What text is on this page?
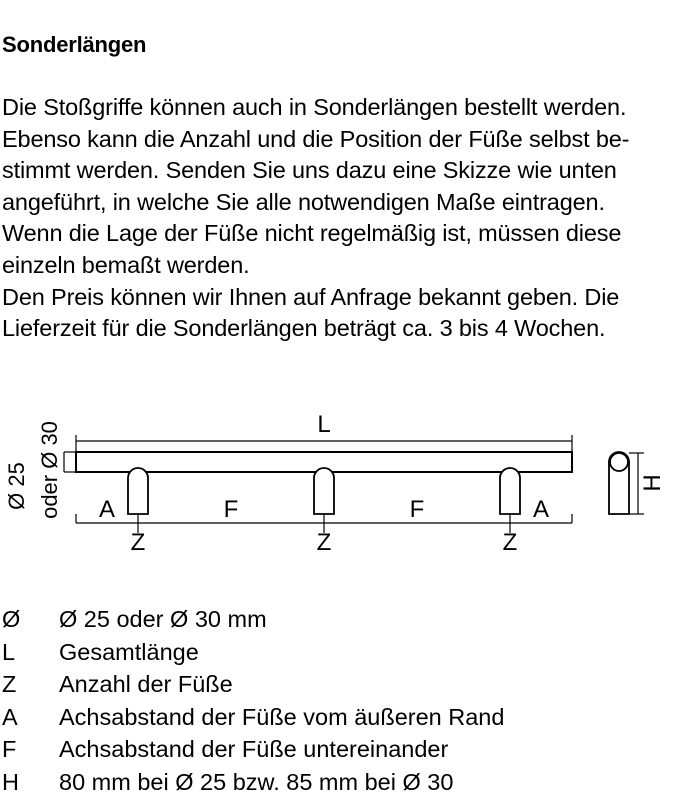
Sonderlängen
Die Stoßgriffe können auch in Sonderlängen bestellt werden.
Ebenso kann die Anzahl und die Position der Füße selbst be-
stimmt werden. Senden Sie uns dazu eine Skizze wie unten
angeführt, in welche Sie alle notwendigen Maße eintragen.
Wenn die Lage der Füße nicht regelmäßig ist, müssen diese
einzeln bemaßt werden.
Den Preis können wir Ihnen auf Anfrage bekannt geben. Die
Lieferzeit für die Sonderlängen beträgt ca. 3 bis 4 Wochen.
Ø 25 oder Ø 30	L
A	F	F	A
Z	Z	Z
H
Ø Ø 25 oder Ø 30 mm
L Gesamtlänge
Z Anzahl der Füße
A Achsabstand der Füße vom äußeren Rand
F Achsabstand der Füße untereinander
H 80 mm bei Ø 25 bzw. 85 mm bei Ø 30
